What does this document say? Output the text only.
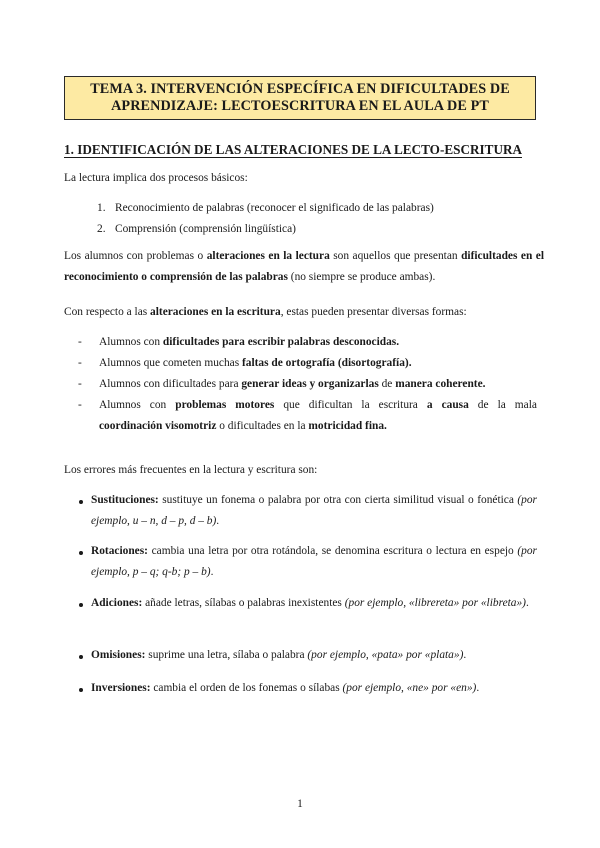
TEMA 3. INTERVENCIÓN ESPECÍFICA EN DIFICULTADES DE
APRENDIZAJE: LECTOESCRITURA EN EL AULA DE PT
1. IDENTIFICACIÓN DE LAS ALTERACIONES DE LA LECTO-ESCRITURA
La lectura implica dos procesos básicos:
1. Reconocimiento de palabras (reconocer el significado de las palabras)
2. Comprensión (comprensión lingüística)
Los alumnos con problemas o alteraciones en la lectura son aquellos que presentan dificultades en el reconocimiento o comprensión de las palabras (no siempre se produce ambas).
Con respecto a las alteraciones en la escritura, estas pueden presentar diversas formas:
- Alumnos con dificultades para escribir palabras desconocidas.
- Alumnos que cometen muchas faltas de ortografía (disortografía).
- Alumnos con dificultades para generar ideas y organizarlas de manera coherente.
- Alumnos con problemas motores que dificultan la escritura a causa de la mala
coordinación visomotriz o dificultades en la motricidad fina.
Los errores más frecuentes en la lectura y escritura son:
Sustituciones: sustituye un fonema o palabra por otra con cierta similitud visual o fonética (por ejemplo, u – n, d – p, d – b).
Rotaciones: cambia una letra por otra rotándola, se denomina escritura o lectura en espejo (por ejemplo, p – q; q-b; p – b).
Adiciones: añade letras, sílabas o palabras inexistentes (por ejemplo, «librereta» por «libreta»).
Omisiones: suprime una letra, sílaba o palabra (por ejemplo, «pata» por «plata»).
Inversiones: cambia el orden de los fonemas o sílabas (por ejemplo, «ne» por «en»).
1
